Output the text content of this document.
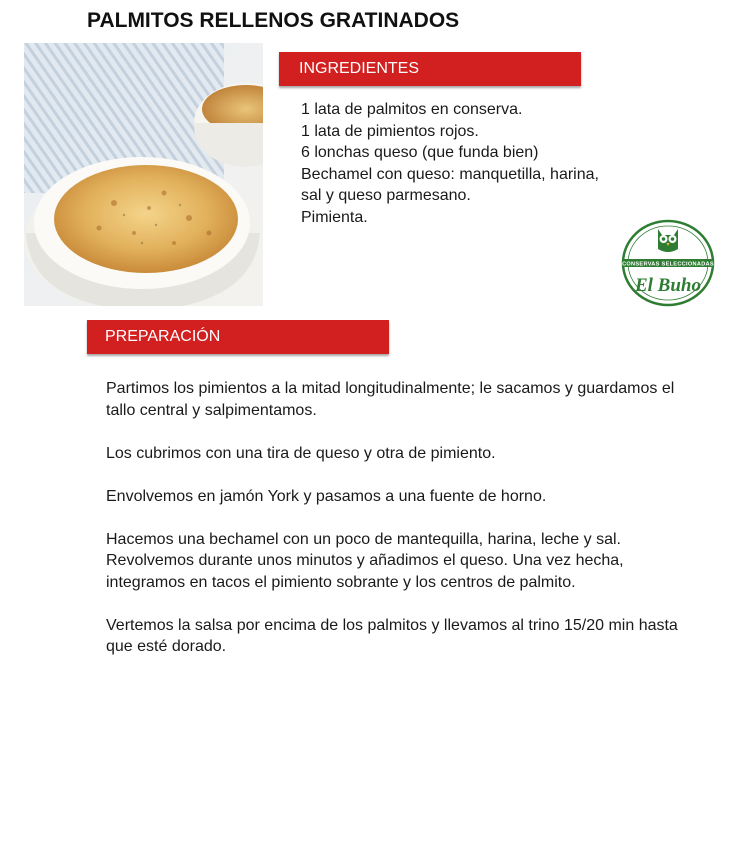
PALMITOS RELLENOS GRATINADOS
INGREDIENTES
1 lata de palmitos en conserva.
1 lata de pimientos rojos.
6 lonchas queso (que funda bien)
Bechamel con queso: manquetilla, harina,
sal y queso parmesano.
Pimienta.
CONSERVAS SELECCIONADAS
El Buho
PREPARACIÓN

Partimos los pimientos a la mitad longitudinalmente; le sacamos y guardamos el tallo central y salpimentamos.

Los cubrimos con una tira de queso y otra de pimiento.

Envolvemos en jamón York y pasamos a una fuente de horno.

Hacemos una bechamel con un poco de mantequilla, harina, leche y sal. Revolvemos durante unos minutos y añadimos el queso. Una vez hecha, integramos en tacos el pimiento sobrante y los centros de palmito.

Vertemos la salsa por encima de los palmitos y llevamos al trino 15/20 min hasta que esté dorado.
